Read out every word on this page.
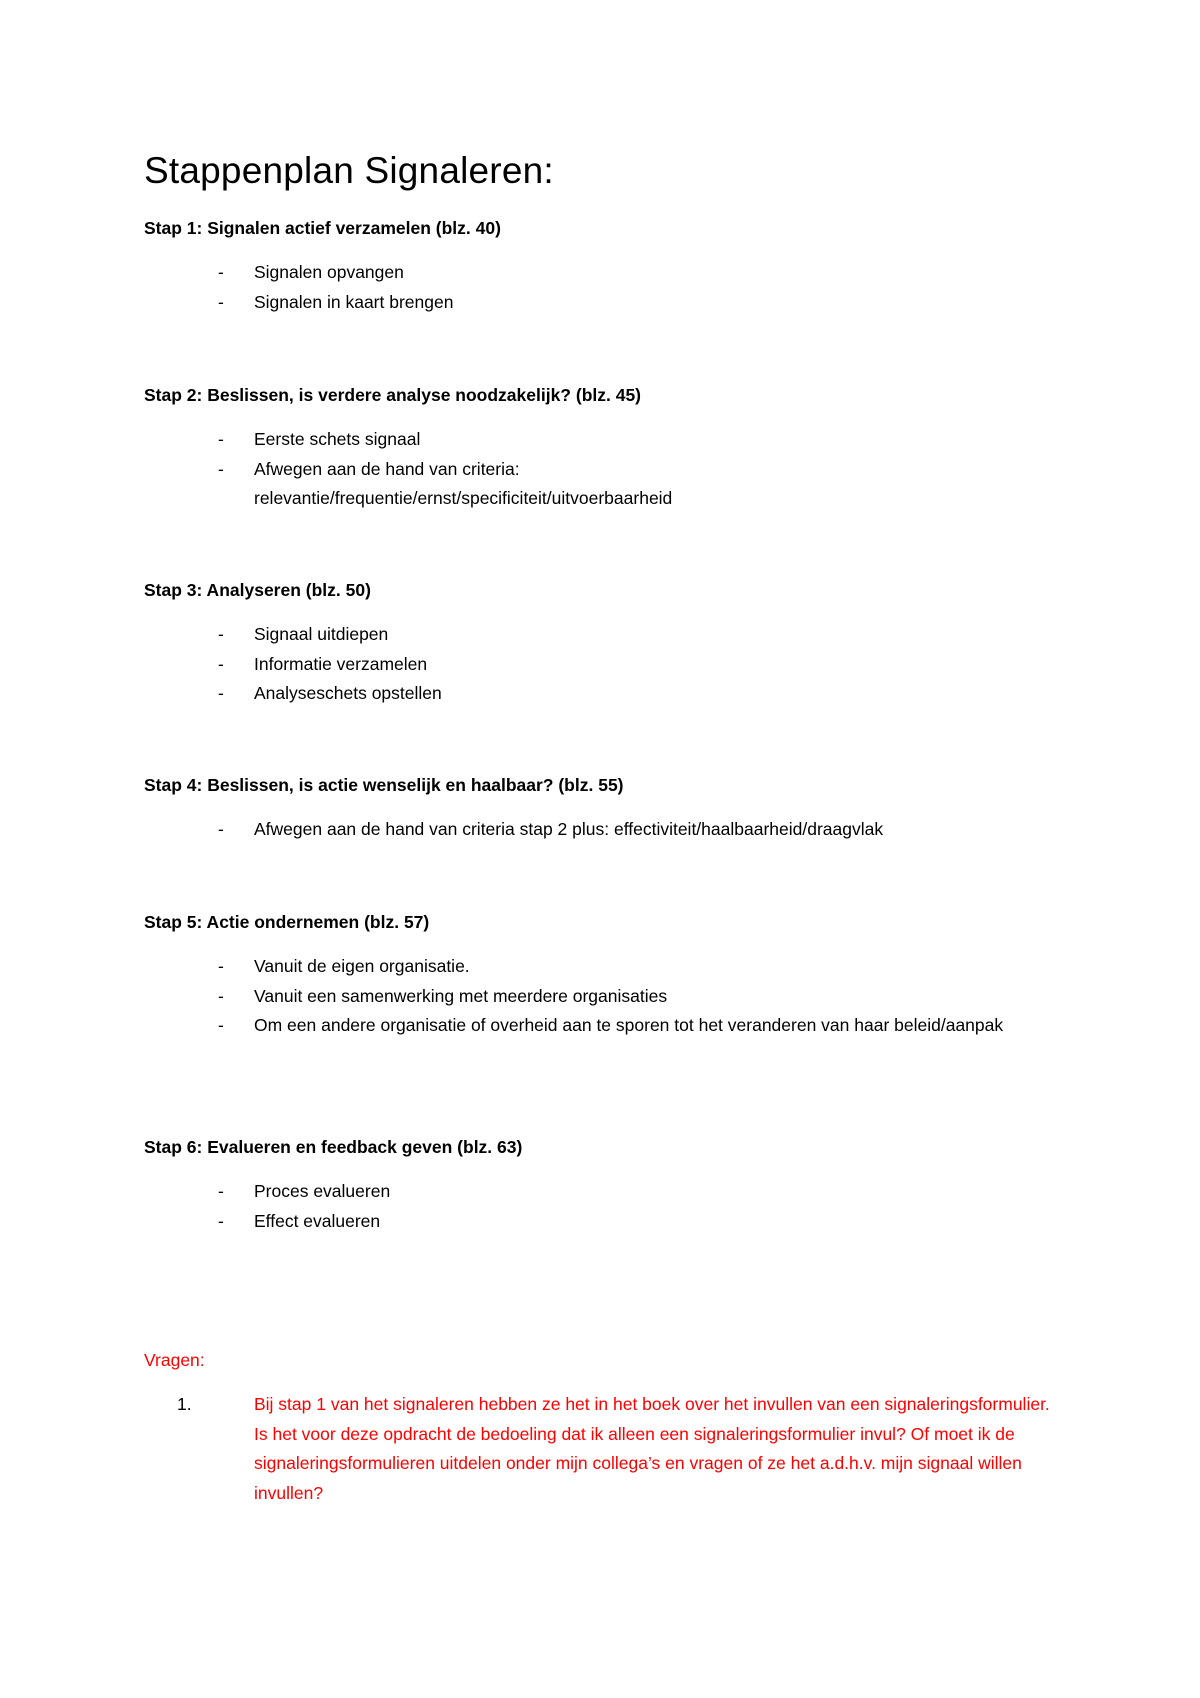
Stappenplan Signaleren:

Stap 1: Signalen actief verzamelen (blz. 40)

- Signalen opvangen
- Signalen in kaart brengen

Stap 2: Beslissen, is verdere analyse noodzakelijk? (blz. 45)

- Eerste schets signaal
- Afwegen aan de hand van criteria: relevantie/frequentie/ernst/specificiteit/uitvoerbaarheid

Stap 3: Analyseren (blz. 50)

- Signaal uitdiepen
- Informatie verzamelen
- Analyseschets opstellen

Stap 4: Beslissen, is actie wenselijk en haalbaar? (blz. 55)

- Afwegen aan de hand van criteria stap 2 plus: effectiviteit/haalbaarheid/draagvlak

Stap 5: Actie ondernemen (blz. 57)

- Vanuit de eigen organisatie.
- Vanuit een samenwerking met meerdere organisaties
- Om een andere organisatie of overheid aan te sporen tot het veranderen van haar beleid/aanpak

Stap 6: Evalueren en feedback geven (blz. 63)

- Proces evalueren
- Effect evalueren

Vragen:

1.	Bij stap 1 van het signaleren hebben ze het in het boek over het invullen van een signaleringsformulier. Is het voor deze opdracht de bedoeling dat ik alleen een signaleringsformulier invul? Of moet ik de signaleringsformulieren uitdelen onder mijn collega’s en vragen of ze het a.d.h.v. mijn signaal willen invullen?
